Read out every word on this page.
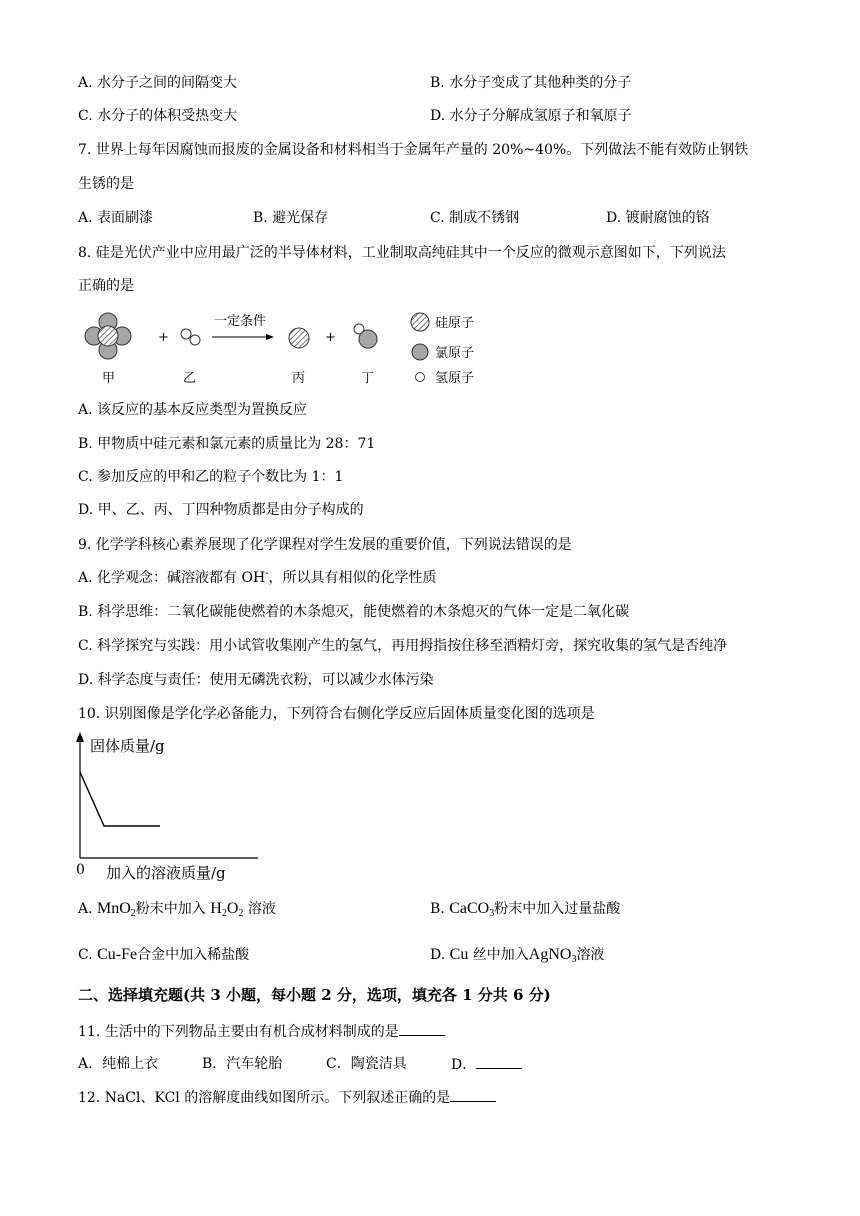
A. 水分子之间的间隔变大	B. 水分子变成了其他种类的分子
C. 水分子的体积受热变大	D. 水分子分解成氢原子和氧原子
7. 世界上每年因腐蚀而报废的金属设备和材料相当于金属年产量的 20%~40%。下列做法不能有效防止钢铁
生锈的是
A. 表面刷漆	B. 避光保存	C. 制成不锈钢	D. 镀耐腐蚀的铬
8. 硅是光伏产业中应用最广泛的半导体材料，工业制取高纯硅其中一个反应的微观示意图如下，下列说法
正确的是
+
一定条件
+
甲	乙	丙	丁
硅原子
氯原子
氢原子
A. 该反应的基本反应类型为置换反应
B. 甲物质中硅元素和氯元素的质量比为 28：71
C. 参加反应的甲和乙的粒子个数比为 1：1
D. 甲、乙、丙、丁四种物质都是由分子构成的
9. 化学学科核心素养展现了化学课程对学生发展的重要价值，下列说法错误的是
A. 化学观念：碱溶液都有 OH-，所以具有相似的化学性质
B. 科学思维：二氧化碳能使燃着的木条熄灭，能使燃着的木条熄灭的气体一定是二氧化碳
C. 科学探究与实践：用小试管收集刚产生的氢气，再用拇指按住移至酒精灯旁，探究收集的氢气是否纯净
D. 科学态度与责任：使用无磷洗衣粉，可以减少水体污染
10. 识别图像是学化学必备能力，下列符合右侧化学反应后固体质量变化图的选项是
固体质量/g
0 加入的溶液质量/g
A. MnO$_2$粉末中加入 $H_2O_2$ 溶液	B. CaCO$_3$粉末中加入过量盐酸
C. Cu-Fe合金中加入稀盐酸	D. Cu 丝中加入AgNO$_3$溶液
二、选择填充题(共 3 小题，每小题 2 分，选项，填充各 1 分共 6 分)
11. 生活中的下列物品主要由有机合成材料制成的是
A．纯棉上衣	B．汽车轮胎	C．陶瓷洁具	D．
12. NaCl、KCl 的溶解度曲线如图所示。下列叙述正确的是
